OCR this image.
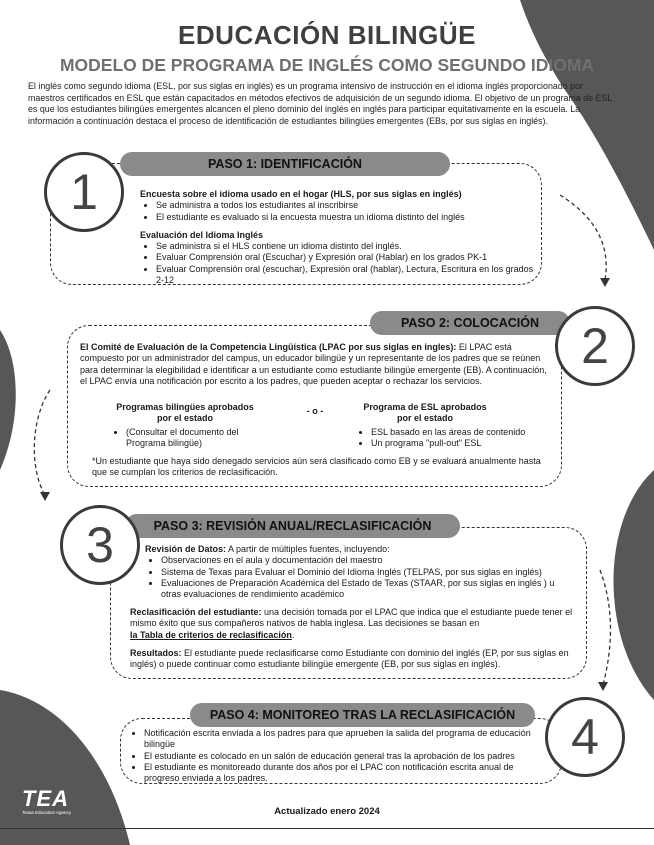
EDUCACIÓN BILINGÜE
MODELO DE PROGRAMA DE INGLÉS COMO SEGUNDO IDIOMA
El inglés como segundo idioma (ESL, por sus siglas en inglés) es un programa intensivo de instrucción en el idioma inglés proporcionado por maestros certificados en ESL que están capacitados en métodos efectivos de adquisición de un segundo idioma. El objetivo de un programa de ESL es que los estudiantes bilingües emergentes alcancen el pleno dominio del inglés en inglés para participar equitativamente en la escuela. La información a continuación destaca el proceso de identificación de estudiantes bilingües emergentes (EBs, por sus siglas en inglés).
PASO 1: IDENTIFICACIÓN
1	Encuesta sobre el idioma usado en el hogar (HLS, por sus siglas en inglés)
• Se administra a todos los estudiantes al inscribirse
• El estudiante es evaluado si la encuesta muestra un idioma distinto del inglés
Evaluación del Idioma Inglés
• Se administra si el HLS contiene un idioma distinto del inglés.
• Evaluar Comprensión oral (Escuchar) y Expresión oral (Hablar) en los grados PK-1
• Evaluar Comprensión oral (escuchar), Expresión oral (hablar), Lectura, Escritura en los grados 2-12
PASO 2: COLOCACIÓN 2
El Comité de Evaluación de la Competencia Lingüística (LPAC por sus siglas en ingles): El LPAC está compuesto por un administrador del campus, un educador bilingüe y un representante de los padres que se reúnen para determinar la elegibilidad e identificar a un estudiante como estudiante bilingüe emergente (EB). A continuación, el LPAC envía una notificación por escrito a los padres, que pueden aceptar o rechazar los servicios.
Programas bilingües aprobados
por el estado
• (Consultar el documento del Programa bilingüe)
- o -	Programa de ESL aprobados
por el estado
• ESL basado en las áreas de contenido
• Un programa "pull-out" ESL
*Un estudiante que haya sido denegado servicios aún será clasificado como EB y se evaluará anualmente hasta que se cumplan los criterios de reclasificación.
PASO 3: REVISIÓN ANUAL/RECLASIFICACIÓN
3	Revisión de Datos: A partir de múltiples fuentes, incluyendo:
• Observaciones en el aula y documentación del maestro
• Sistema de Texas para Evaluar el Dominio del Idioma Inglés (TELPAS, por sus siglas en inglés)
• Evaluaciones de Preparación Académica del Estado de Texas (STAAR, por sus siglas en inglés ) u otras evaluaciones de rendimiento académico
Reclasificación del estudiante: una decisión tomada por el LPAC que indica que el estudiante puede tener el mismo éxito que sus compañeros nativos de habla inglesa. Las decisiones se basan en
la Tabla de criterios de reclasificación.
Resultados: El estudiante puede reclasificarse como Estudiante con dominio del inglés (EP, por sus siglas en inglés) o puede continuar como estudiante bilingüe emergente (EB, por sus siglas en inglés).
PASO 4: MONITOREO TRAS LA RECLASIFICACIÓN	4
• Notificación escrita enviada a los padres para que aprueben la salida del programa de educación bilingüe
• El estudiante es colocado en un salón de educación general tras la aprobación de los padres
• El estudiante es monitoreado durante dos años por el LPAC con notificación escrita anual de progreso enviada a los padres.
TEA
Texas Education Agency	Actualizado enero 2024
